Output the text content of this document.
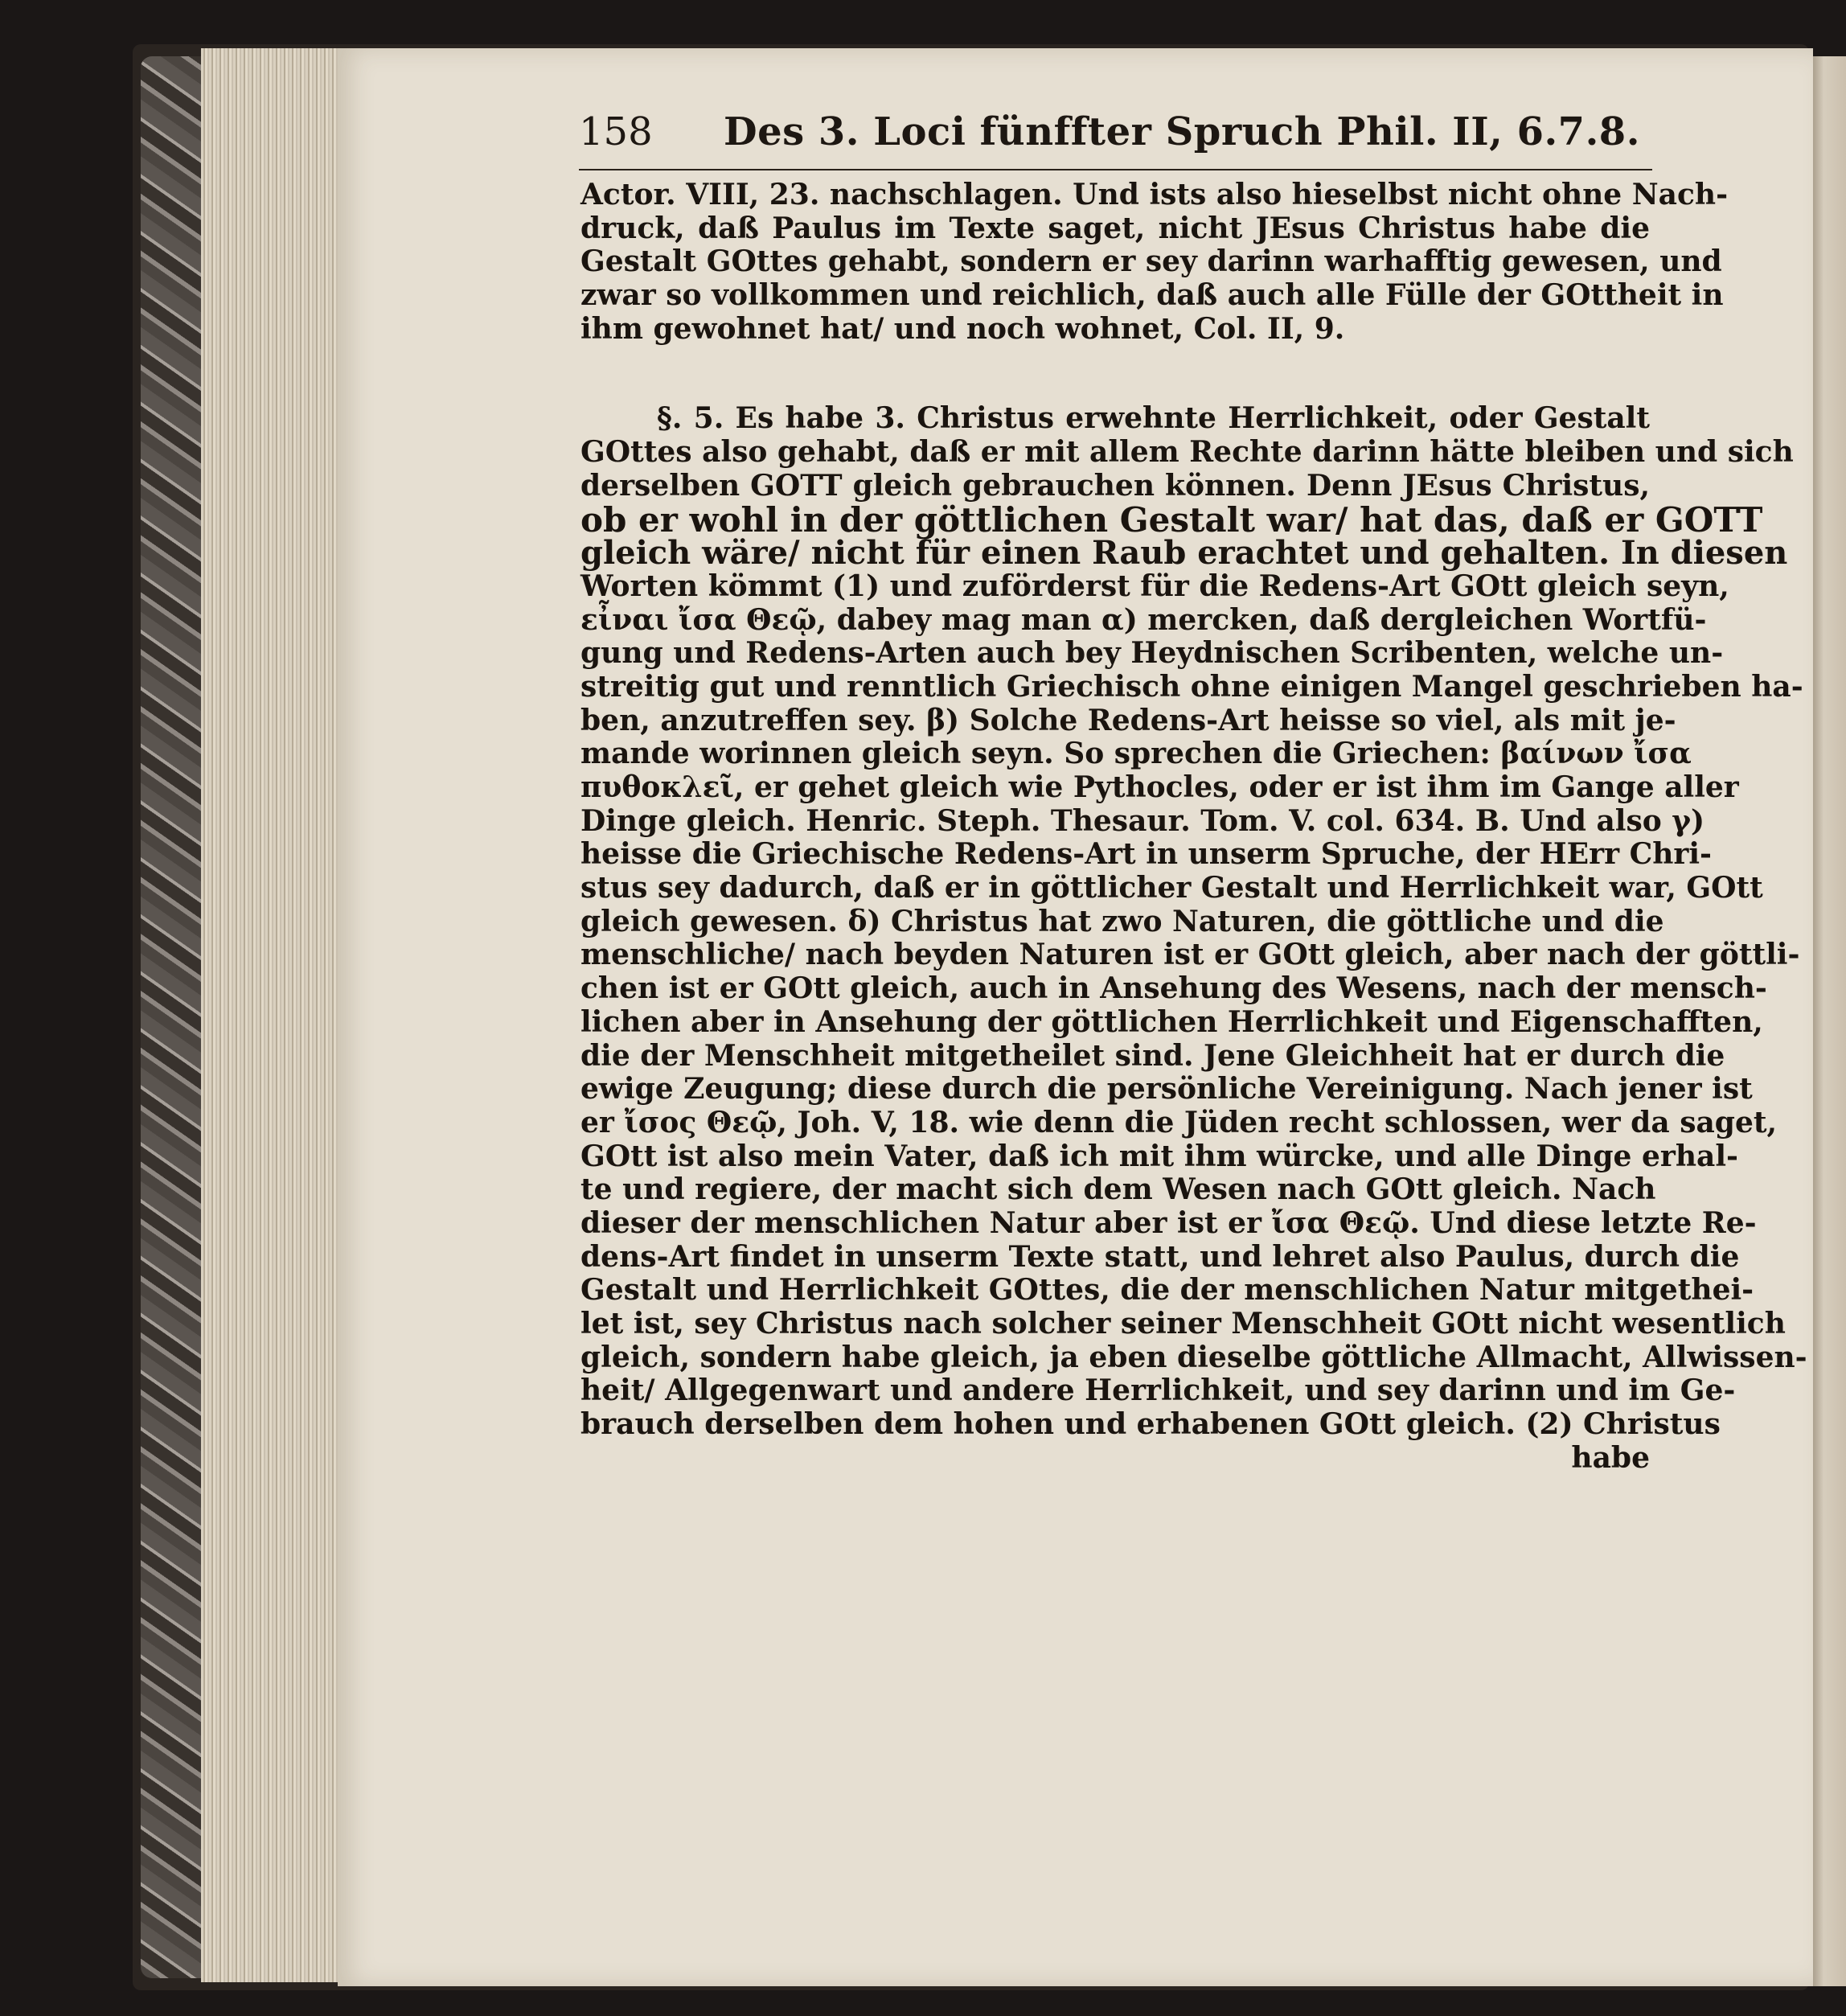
158 Des 3. Loci fünffter Spruch Phil. II, 6.7.8.
Actor. VIII, 23. nachschlagen. Und ists also hieselbst nicht ohne Nach-
druck, daß Paulus im Texte saget, nicht JEsus Christus habe die
Gestalt GOttes gehabt, sondern er sey darinn warhafftig gewesen, und
zwar so vollkommen und reichlich, daß auch alle Fülle der GOttheit in
ihm gewohnet hat/ und noch wohnet, Col. II, 9.
§. 5. Es habe 3. Christus erwehnte Herrlichkeit, oder Gestalt
GOttes also gehabt, daß er mit allem Rechte darinn hätte bleiben und sich
derselben GOTT gleich gebrauchen können. Denn JEsus Christus,
ob er wohl in der göttlichen Gestalt war/ hat das, daß er GOTT
gleich wäre/ nicht für einen Raub erachtet und gehalten. In diesen
Worten kömmt (1) und zuförderst für die Redens-Art GOtt gleich seyn,
εἶναι ἴσα Θεῷ, dabey mag man α) mercken, daß dergleichen Wortfü-
gung und Redens-Arten auch bey Heydnischen Scribenten, welche un-
streitig gut und renntlich Griechisch ohne einigen Mangel geschrieben ha-
ben, anzutreffen sey. β) Solche Redens-Art heisse so viel, als mit je-
mande worinnen gleich seyn. So sprechen die Griechen: βαίνων ἴσα
πυθοκλεῖ, er gehet gleich wie Pythocles, oder er ist ihm im Gange aller
Dinge gleich. Henric. Steph. Thesaur. Tom. V. col. 634. B. Und also γ)
heisse die Griechische Redens-Art in unserm Spruche, der HErr Chri-
stus sey dadurch, daß er in göttlicher Gestalt und Herrlichkeit war, GOtt
gleich gewesen. δ) Christus hat zwo Naturen, die göttliche und die
menschliche/ nach beyden Naturen ist er GOtt gleich, aber nach der göttli-
chen ist er GOtt gleich, auch in Ansehung des Wesens, nach der mensch-
lichen aber in Ansehung der göttlichen Herrlichkeit und Eigenschafften,
die der Menschheit mitgetheilet sind. Jene Gleichheit hat er durch die
ewige Zeugung; diese durch die persönliche Vereinigung. Nach jener ist
er ἴσος Θεῷ, Joh. V, 18. wie denn die Jüden recht schlossen, wer da saget,
GOtt ist also mein Vater, daß ich mit ihm würcke, und alle Dinge erhal-
te und regiere, der macht sich dem Wesen nach GOtt gleich. Nach
dieser der menschlichen Natur aber ist er ἴσα Θεῷ. Und diese letzte Re-
dens-Art findet in unserm Texte statt, und lehret also Paulus, durch die
Gestalt und Herrlichkeit GOttes, die der menschlichen Natur mitgethei-
let ist, sey Christus nach solcher seiner Menschheit GOtt nicht wesentlich
gleich, sondern habe gleich, ja eben dieselbe göttliche Allmacht, Allwissen-
heit/ Allgegenwart und andere Herrlichkeit, und sey darinn und im Ge-
brauch derselben dem hohen und erhabenen GOtt gleich. (2) Christus
habe
